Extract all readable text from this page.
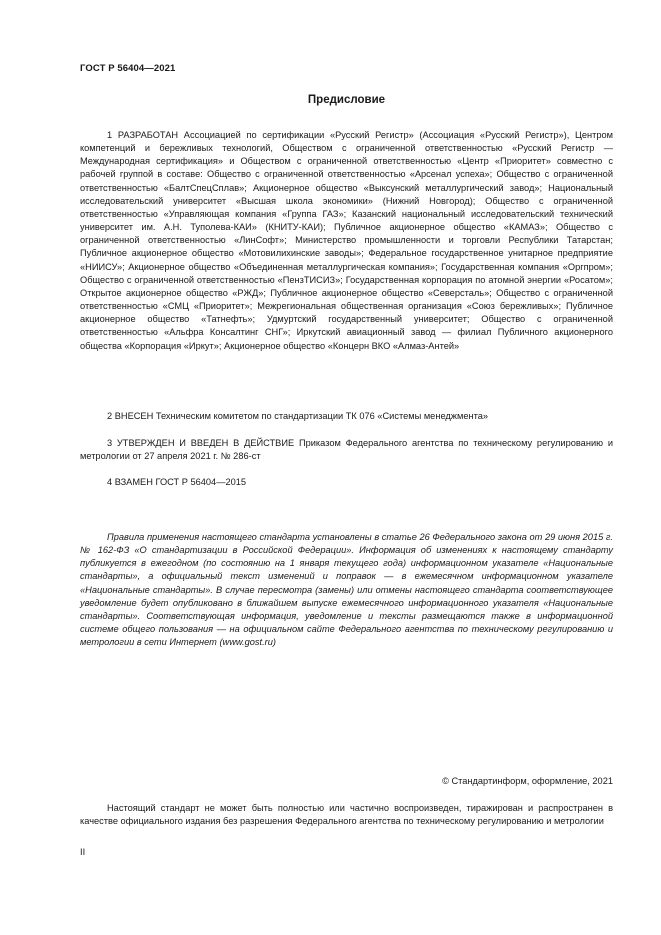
ГОСТ Р 56404—2021
Предисловие

1 РАЗРАБОТАН Ассоциацией по сертификации «Русский Регистр» (Ассоциация «Русский Регистр»), Центром компетенций и бережливых технологий, Обществом с ограниченной ответственностью «Русский Регистр — Международная сертификация» и Обществом с ограниченной ответственностью «Центр «Приоритет» совместно с рабочей группой в составе: Общество с ограниченной ответственностью «Арсенал успеха»; Общество с ограниченной ответственностью «БалтСпецСплав»; Акционерное общество «Выксунский металлургический завод»; Национальный исследовательский университет «Высшая школа экономики» (Нижний Новгород); Общество с ограниченной ответственностью «Управляющая компания «Группа ГАЗ»; Казанский национальный исследовательский технический университет им. А.Н. Туполева-КАИ» (КНИТУ-КАИ); Публичное акционерное общество «КАМАЗ»; Общество с ограниченной ответственностью «ЛинСофт»; Министерство промышленности и торговли Республики Татарстан; Публичное акционерное общество «Мотовилихинские заводы»; Федеральное государственное унитарное предприятие «НИИСУ»; Акционерное общество «Объединенная металлургическая компания»; Государственная компания «Оргпром»; Общество с ограниченной ответственностью «ПензТИСИЗ»; Государственная корпорация по атомной энергии «Росатом»; Открытое акционерное общество «РЖД»; Публичное акционерное общество «Северсталь»; Общество с ограниченной ответственностью «СМЦ «Приоритет»; Межрегиональная общественная организация «Союз бережливых»; Публичное акционерное общество «Татнефть»; Удмуртский государственный университет; Общество с ограниченной ответственностью «Альфра Консалтинг СНГ»; Иркутский авиационный завод — филиал Публичного акционерного общества «Корпорация «Иркут»; Акционерное общество «Концерн ВКО «Алмаз-Антей»

2 ВНЕСЕН Техническим комитетом по стандартизации ТК 076 «Системы менеджмента»

3 УТВЕРЖДЕН И ВВЕДЕН В ДЕЙСТВИЕ Приказом Федерального агентства по техническому регулированию и метрологии от 27 апреля 2021 г. № 286-ст

4 ВЗАМЕН ГОСТ Р 56404—2015

Правила применения настоящего стандарта установлены в статье 26 Федерального закона от 29 июня 2015 г. № 162-ФЗ «О стандартизации в Российской Федерации». Информация об изменениях к настоящему стандарту публикуется в ежегодном (по состоянию на 1 января текущего года) информационном указателе «Национальные стандарты», а официальный текст изменений и поправок — в ежемесячном информационном указателе «Национальные стандарты». В случае пересмотра (замены) или отмены настоящего стандарта соответствующее уведомление будет опубликовано в ближайшем выпуске ежемесячного информационного указателя «Национальные стандарты». Соответствующая информация, уведомление и тексты размещаются также в информационной системе общего пользования — на официальном сайте Федерального агентства по техническому регулированию и метрологии в сети Интернет (www.gost.ru)

© Стандартинформ, оформление, 2021

Настоящий стандарт не может быть полностью или частично воспроизведен, тиражирован и распространен в качестве официального издания без разрешения Федерального агентства по техническому регулированию и метрологии

II
